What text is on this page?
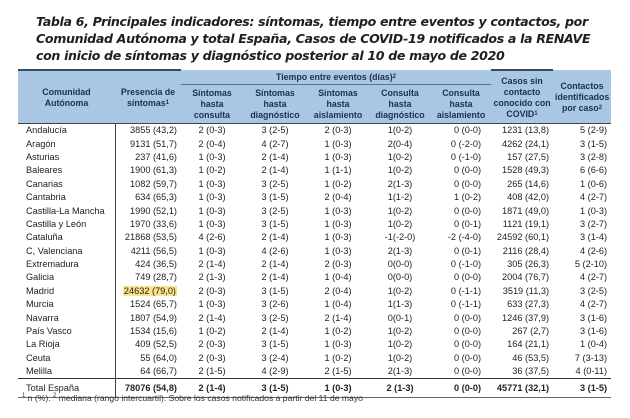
Tabla 6, Principales indicadores: síntomas, tiempo entre eventos y contactos, por Comunidad Autónoma y total España, Casos de COVID-19 notificados a la RENAVE con inicio de síntomas y diagnóstico posterior al 10 de mayo de 2020
Comunidad Autónoma	Presencia de síntomas$^1$	Tiempo entre eventos (días)$^2$					Casos sin contacto conocido con COVID$^1$	Contactos identificados por caso$^2$
		Síntomas hasta consulta	Síntomas hasta diagnóstico	Síntomas hasta aislamiento	Consulta hasta diagnóstico	Consulta hasta aislamiento		
Andalucía	3855 (43,2)	2 (0-3)	3 (2-5)	2 (0-3)	1(0-2)	0 (0-0)	1231 (13,8)	5 (2-9)
Aragón	9131 (51,7)	2 (0-4)	4 (2-7)	1 (0-3)	2(0-4)	0 (-2-0)	4262 (24,1)	3 (1-5)
Asturias	237 (41,6)	1 (0-3)	2 (1-4)	1 (0-3)	1(0-2)	0 (-1-0)	157 (27,5)	3 (2-8)
Baleares	1900 (61,3)	1 (0-2)	2 (1-4)	1 (1-1)	1(0-2)	0 (0-0)	1528 (49,3)	6 (6-6)
Canarias	1082 (59,7)	1 (0-3)	3 (2-5)	1 (0-2)	2(1-3)	0 (0-0)	265 (14,6)	1 (0-6)
Cantabria	634 (65,3)	1 (0-3)	3 (1-5)	2 (0-4)	1(1-2)	1 (0-2)	408 (42,0)	4 (2-7)
Castilla-La Mancha	1990 (52,1)	1 (0-3)	3 (2-5)	1 (0-3)	1(0-2)	0 (0-0)	1871 (49,0)	1 (0-3)
Castilla y León	1970 (33,6)	1 (0-3)	3 (1-5)	1 (0-3)	1(0-2)	0 (0-1)	1121 (19,1)	3 (2-7)
Cataluña	21868 (53,5)	4 (2-6)	2 (1-4)	1 (0-3)	-1(-2-0)	-2 (-4-0)	24592 (60,1)	3 (1-4)
C, Valenciana	4211 (56,5)	1 (0-3)	4 (2-6)	1 (0-3)	2(1-3)	0 (0-1)	2116 (28,4)	4 (2-6)
Extremadura	424 (36,5)	2 (1-4)	2 (1-4)	2 (0-3)	0(0-0)	0 (-1-0)	305 (26,3)	5 (2-10)
Galicia	749 (28,7)	2 (1-3)	2 (1-4)	1 (0-4)	0(0-0)	0 (0-0)	2004 (76,7)	4 (2-7)
Madrid	24632 (79,0)	2 (0-3)	3 (1-5)	2 (0-4)	1(0-2)	0 (-1-1)	3519 (11,3)	3 (2-5)
Murcia	1524 (65,7)	1 (0-3)	3 (2-6)	1 (0-4)	1(1-3)	0 (-1-1)	633 (27,3)	4 (2-7)
Navarra	1807 (54,9)	2 (1-4)	3 (2-5)	2 (1-4)	0(0-1)	0 (0-0)	1246 (37,9)	3 (1-6)
País Vasco	1534 (15,6)	1 (0-2)	2 (1-4)	1 (0-2)	1(0-2)	0 (0-0)	267 (2,7)	3 (1-6)
La Rioja	409 (52,5)	2 (0-3)	3 (1-5)	1 (0-3)	1(0-2)	0 (0-0)	164 (21,1)	1 (0-4)
Ceuta	55 (64,0)	2 (0-3)	3 (2-4)	1 (0-2)	1(0-2)	0 (0-0)	46 (53,5)	7 (3-13)
Melilla	64 (66,7)	2 (1-5)	4 (2-9)	2 (1-5)	2(1-3)	0 (0-0)	36 (37,5)	4 (0-11)
Total España	78076 (54,8)	2 (1-4)	3 (1-5)	1 (0-3)	2 (1-3)	0 (0-0)	45771 (32,1)	3 (1-5)
$^1$ n (%). $^2$ mediana (rango intercuartil). Sobre los casos notificados a partir del 11 de mayo
